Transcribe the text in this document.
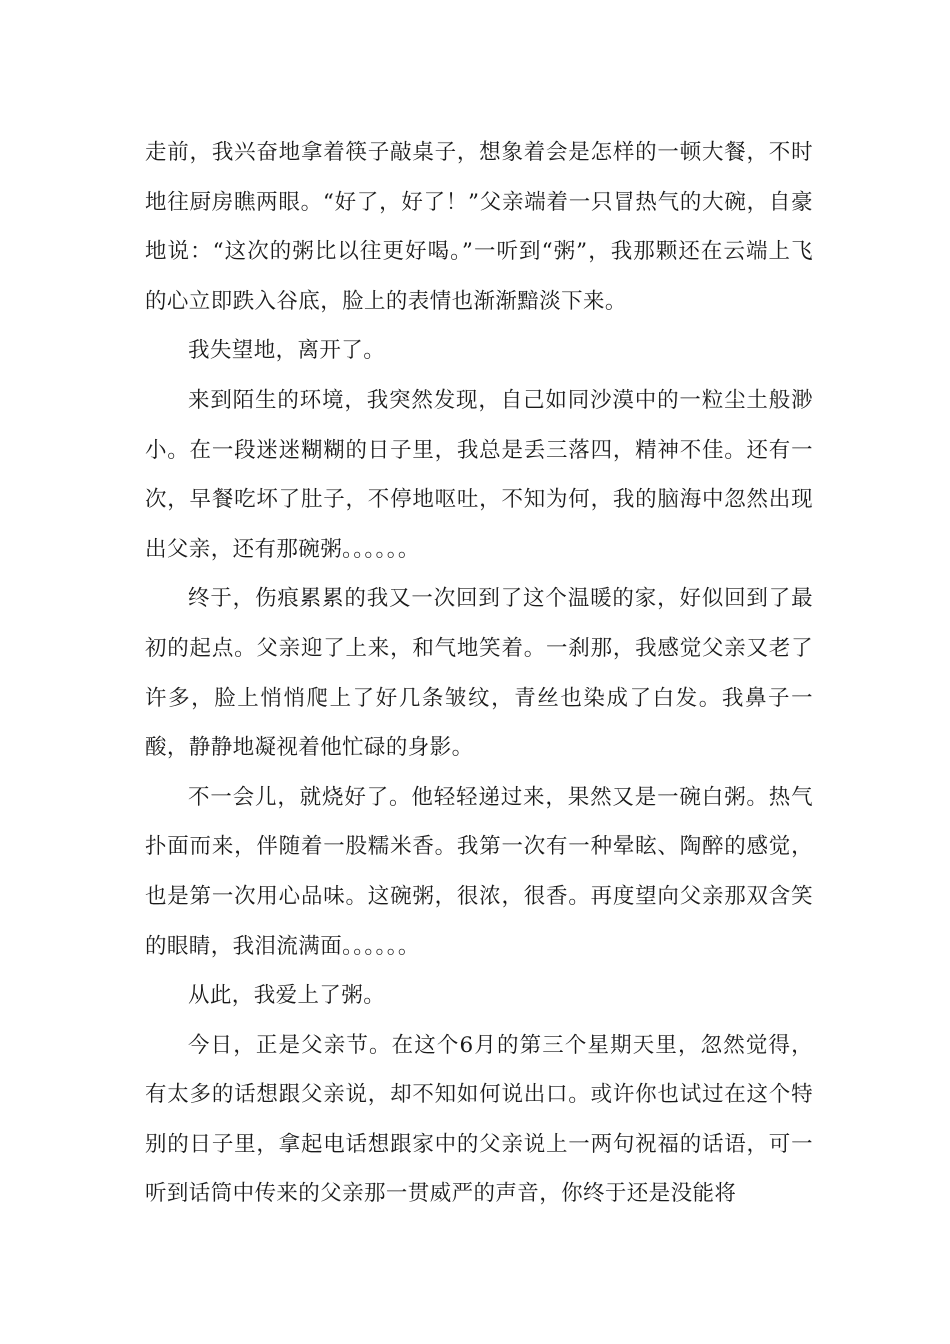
走前，我兴奋地拿着筷子敲桌子，想象着会是怎样的一顿大餐，不时地往厨房瞧两眼。“好了，好了！”父亲端着一只冒热气的大碗，自豪地说：“这次的粥比以往更好喝。”一听到“粥”，我那颗还在云端上飞的心立即跌入谷底，脸上的表情也渐渐黯淡下来。

我失望地，离开了。

来到陌生的环境，我突然发现，自己如同沙漠中的一粒尘土般渺小。在一段迷迷糊糊的日子里，我总是丢三落四，精神不佳。还有一次，早餐吃坏了肚子，不停地呕吐，不知为何，我的脑海中忽然出现出父亲，还有那碗粥。。。。。。

终于，伤痕累累的我又一次回到了这个温暖的家，好似回到了最初的起点。父亲迎了上来，和气地笑着。一刹那，我感觉父亲又老了许多，脸上悄悄爬上了好几条皱纹，青丝也染成了白发。我鼻子一酸，静静地凝视着他忙碌的身影。

不一会儿，就烧好了。他轻轻递过来，果然又是一碗白粥。热气扑面而来，伴随着一股糯米香。我第一次有一种晕眩、陶醉的感觉，也是第一次用心品味。这碗粥，很浓，很香。再度望向父亲那双含笑的眼睛，我泪流满面。。。。。。

从此，我爱上了粥。

今日，正是父亲节。在这个6月的第三个星期天里，忽然觉得，有太多的话想跟父亲说，却不知如何说出口。或许你也试过在这个特别的日子里，拿起电话想跟家中的父亲说上一两句祝福的话语，可一听到话筒中传来的父亲那一贯威严的声音，你终于还是没能将
